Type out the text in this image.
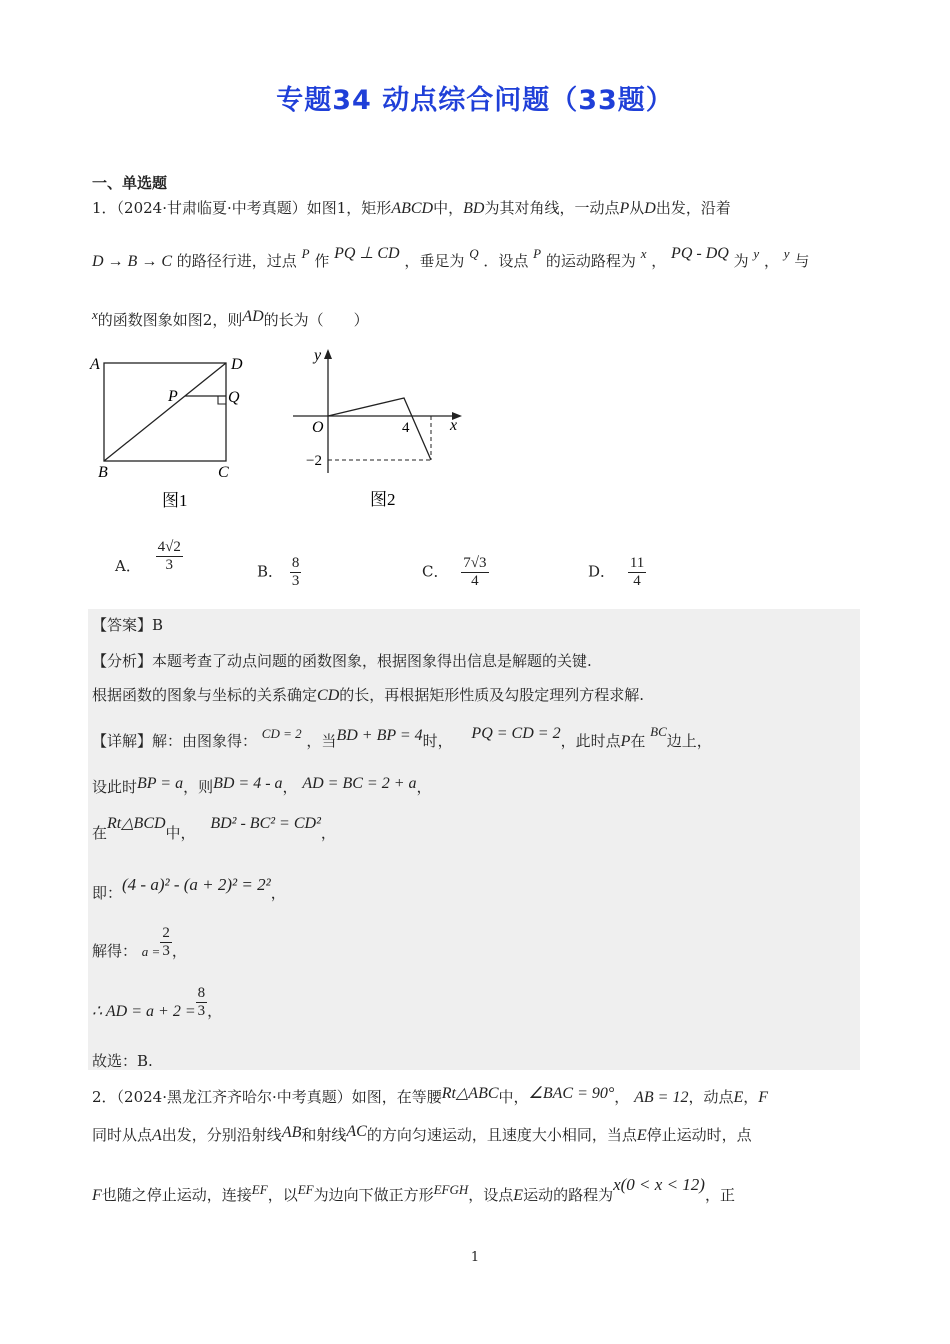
专题34 动点综合问题（33题）
一、单选题
1．（2024·甘肃临夏·中考真题）如图1，矩形ABCD中，BD为其对角线，一动点P从D出发，沿着
D → B → C 的路径行进，过点 P 作 PQ ⊥ CD ，垂足为 Q ．设点 P 的运动路程为 x ， PQ - DQ 为 y ， y 与
x的函数图象如图2，则AD的长为（　　）
A	D
P	Q
B	C
图1
y
x
O	4
−2
图2
A． $\frac{4√2}{3}$	B． $\frac{8}{3}$	C． $\frac{7√3}{4}$	D． $\frac{11}{4}$
【答案】B
【分析】本题考查了动点问题的函数图象，根据图象得出信息是解题的关键.
根据函数的图象与坐标的关系确定CD的长，再根据矩形性质及勾股定理列方程求解.
【详解】解：由图象得： CD = 2 ，当BD + BP = 4时， PQ = CD = 2，此时点P在 BC边上，
设此时BP = a，则BD = 4 - a， AD = BC = 2 + a，
在Rt△BCD中， BD² - BC² = CD²，
即：(4 - a)² - (a + 2)² = 2²，
解得： $a = \frac{2}{3}$ ，
∴ AD = $a + 2 = \frac{8}{3}$ ，
故选：B.
2．（2024·黑龙江齐齐哈尔·中考真题）如图，在等腰Rt△ABC中，∠BAC = 90°， AB = 12，动点E，F
同时从点A出发，分别沿射线AB和射线AC的方向匀速运动，且速度大小相同，当点E停止运动时，点
F也随之停止运动，连接EF，以EF为边向下做正方形EFGH，设点E运动的路程为x(0 < x < 12)，正
1
